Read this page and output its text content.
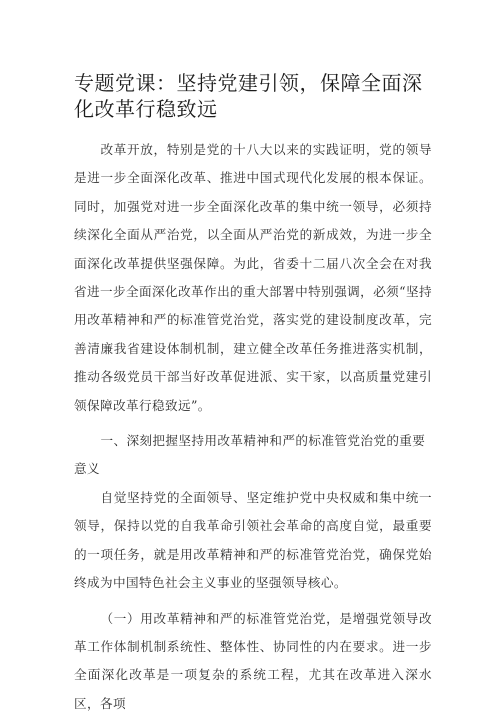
专题党课：坚持党建引领，保障全面深化改革行稳致远

改革开放，特别是党的十八大以来的实践证明，党的领导是进一步全面深化改革、推进中国式现代化发展的根本保证。同时，加强党对进一步全面深化改革的集中统一领导，必须持续深化全面从严治党，以全面从严治党的新成效，为进一步全面深化改革提供坚强保障。为此，省委十二届八次全会在对我省进一步全面深化改革作出的重大部署中特别强调，必须“坚持用改革精神和严的标准管党治党，落实党的建设制度改革，完善清廉我省建设体制机制，建立健全改革任务推进落实机制，推动各级党员干部当好改革促进派、实干家，以高质量党建引领保障改革行稳致远”。

一、深刻把握坚持用改革精神和严的标准管党治党的重要意义

自觉坚持党的全面领导、坚定维护党中央权威和集中统一领导，保持以党的自我革命引领社会革命的高度自觉，最重要的一项任务，就是用改革精神和严的标准管党治党，确保党始终成为中国特色社会主义事业的坚强领导核心。

（一）用改革精神和严的标准管党治党，是增强党领导改革工作体制机制系统性、整体性、协同性的内在要求。进一步全面深化改革是一项复杂的系统工程，尤其在改革进入深水区，各项
